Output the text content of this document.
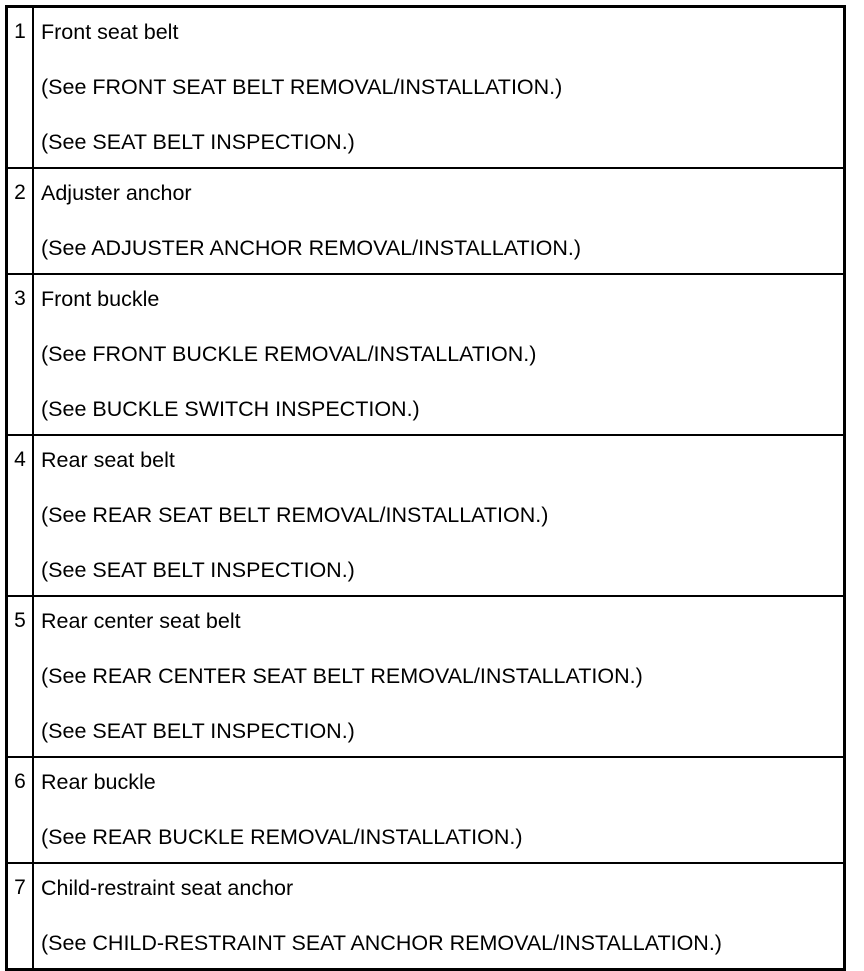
1	Front seat belt
(See FRONT SEAT BELT REMOVAL/INSTALLATION.)
(See SEAT BELT INSPECTION.)

2	Adjuster anchor
(See ADJUSTER ANCHOR REMOVAL/INSTALLATION.)

3	Front buckle
(See FRONT BUCKLE REMOVAL/INSTALLATION.)
(See BUCKLE SWITCH INSPECTION.)

4	Rear seat belt
(See REAR SEAT BELT REMOVAL/INSTALLATION.)
(See SEAT BELT INSPECTION.)

5	Rear center seat belt
(See REAR CENTER SEAT BELT REMOVAL/INSTALLATION.)
(See SEAT BELT INSPECTION.)

6	Rear buckle
(See REAR BUCKLE REMOVAL/INSTALLATION.)

7	Child-restraint seat anchor
(See CHILD-RESTRAINT SEAT ANCHOR REMOVAL/INSTALLATION.)
